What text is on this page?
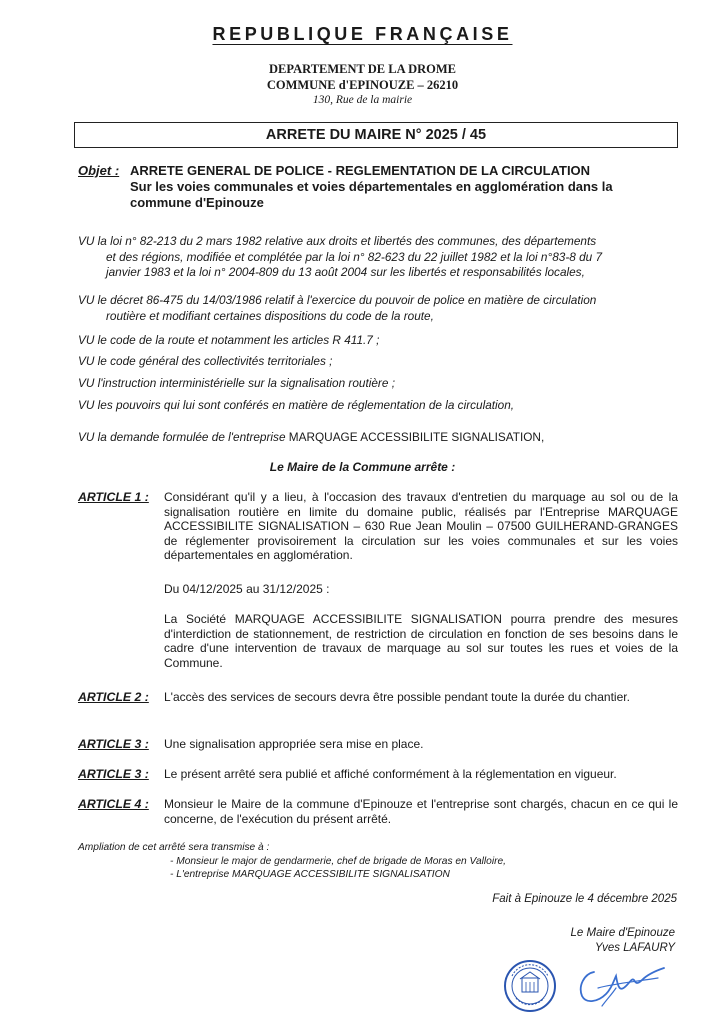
REPUBLIQUE FRANÇAISE
DEPARTEMENT DE LA DROME
COMMUNE d'EPINOUZE – 26210
130, Rue de la mairie
ARRETE DU MAIRE N° 2025 / 45
Objet : ARRETE GENERAL DE POLICE - REGLEMENTATION DE LA CIRCULATION
Sur les voies communales et voies départementales en agglomération dans la
commune d'Epinouze
VU la loi n° 82-213 du 2 mars 1982 relative aux droits et libertés des communes, des départements
et des régions, modifiée et complétée par la loi n° 82-623 du 22 juillet 1982 et la loi n°83-8 du 7
janvier 1983 et la loi n° 2004-809 du 13 août 2004 sur les libertés et responsabilités locales,
VU le décret 86-475 du 14/03/1986 relatif à l'exercice du pouvoir de police en matière de circulation
routière et modifiant certaines dispositions du code de la route,
VU le code de la route et notamment les articles R 411.7 ;
VU le code général des collectivités territoriales ;
VU l'instruction interministérielle sur la signalisation routière ;
VU les pouvoirs qui lui sont conférés en matière de réglementation de la circulation,
VU la demande formulée de l'entreprise MARQUAGE ACCESSIBILITE SIGNALISATION,
Le Maire de la Commune arrête :
ARTICLE 1 : Considérant qu'il y a lieu, à l'occasion des travaux d'entretien du marquage au sol ou de la signalisation routière en limite du domaine public, réalisés par l'Entreprise MARQUAGE ACCESSIBILITE SIGNALISATION – 630 Rue Jean Moulin – 07500 GUILHERAND-GRANGES de réglementer provisoirement la circulation sur les voies communales et sur les voies départementales en agglomération.
Du 04/12/2025 au 31/12/2025 :
La Société MARQUAGE ACCESSIBILITE SIGNALISATION pourra prendre des mesures d'interdiction de stationnement, de restriction de circulation en fonction de ses besoins dans le cadre d'une intervention de travaux de marquage au sol sur toutes les rues et voies de la Commune.
ARTICLE 2 : L'accès des services de secours devra être possible pendant toute la durée du chantier.
ARTICLE 3 : Une signalisation appropriée sera mise en place.
ARTICLE 3 : Le présent arrêté sera publié et affiché conformément à la réglementation en vigueur.
ARTICLE 4 : Monsieur le Maire de la commune d'Epinouze et l'entreprise sont chargés, chacun en ce qui le concerne, de l'exécution du présent arrêté.
Ampliation de cet arrêté sera transmise à :
- Monsieur le major de gendarmerie, chef de brigade de Moras en Valloire,
- L'entreprise MARQUAGE ACCESSIBILITE SIGNALISATION
Fait à Epinouze le 4 décembre 2025
Le Maire d'Epinouze
Yves LAFAURY
